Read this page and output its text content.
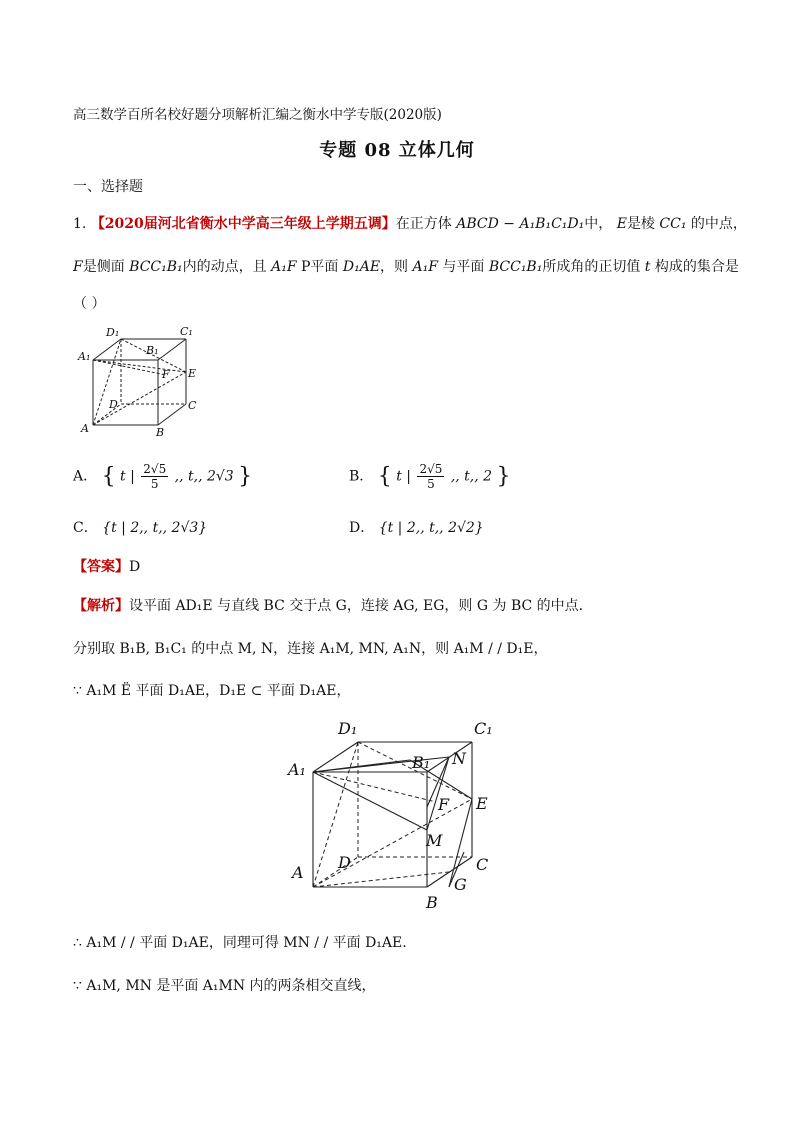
高三数学百所名校好题分项解析汇编之衡水中学专版(2020版)
专题 08 立体几何
一、选择题
1. 【2020届河北省衡水中学高三年级上学期五调】在正方体 ABCD − A₁B₁C₁D₁中， E是棱 CC₁ 的中点，
F是侧面 BCC₁B₁内的动点，且 A₁F P平面 D₁AE，则 A₁F 与平面 BCC₁B₁所成角的正切值 t 构成的集合是
（ ）
D₁	C₁
A₁	B₁
F E
D	C
A	B
A． { t | $\frac{2√5}{5}$ ,, t,, 2√3 }	B． { t | $\frac{2√5}{5}$ ,, t,, 2 }
C． {t | 2,, t,, 2√3}	D． {t | 2,, t,, 2√2}
【答案】D
【解析】设平面 AD₁E 与直线 BC 交于点 G，连接 AG, EG，则 G 为 BC 的中点.
分别取 B₁B, B₁C₁ 的中点 M, N，连接 A₁M, MN, A₁N，则 A₁M / / D₁E，
∵ A₁M Ë 平面 D₁AE，D₁E ⊂ 平面 D₁AE，
D₁	C₁
A₁	B₁ N
F E
M
D	C
G
A
B
∴ A₁M / / 平面 D₁AE，同理可得 MN / / 平面 D₁AE.
∵ A₁M, MN 是平面 A₁MN 内的两条相交直线，
